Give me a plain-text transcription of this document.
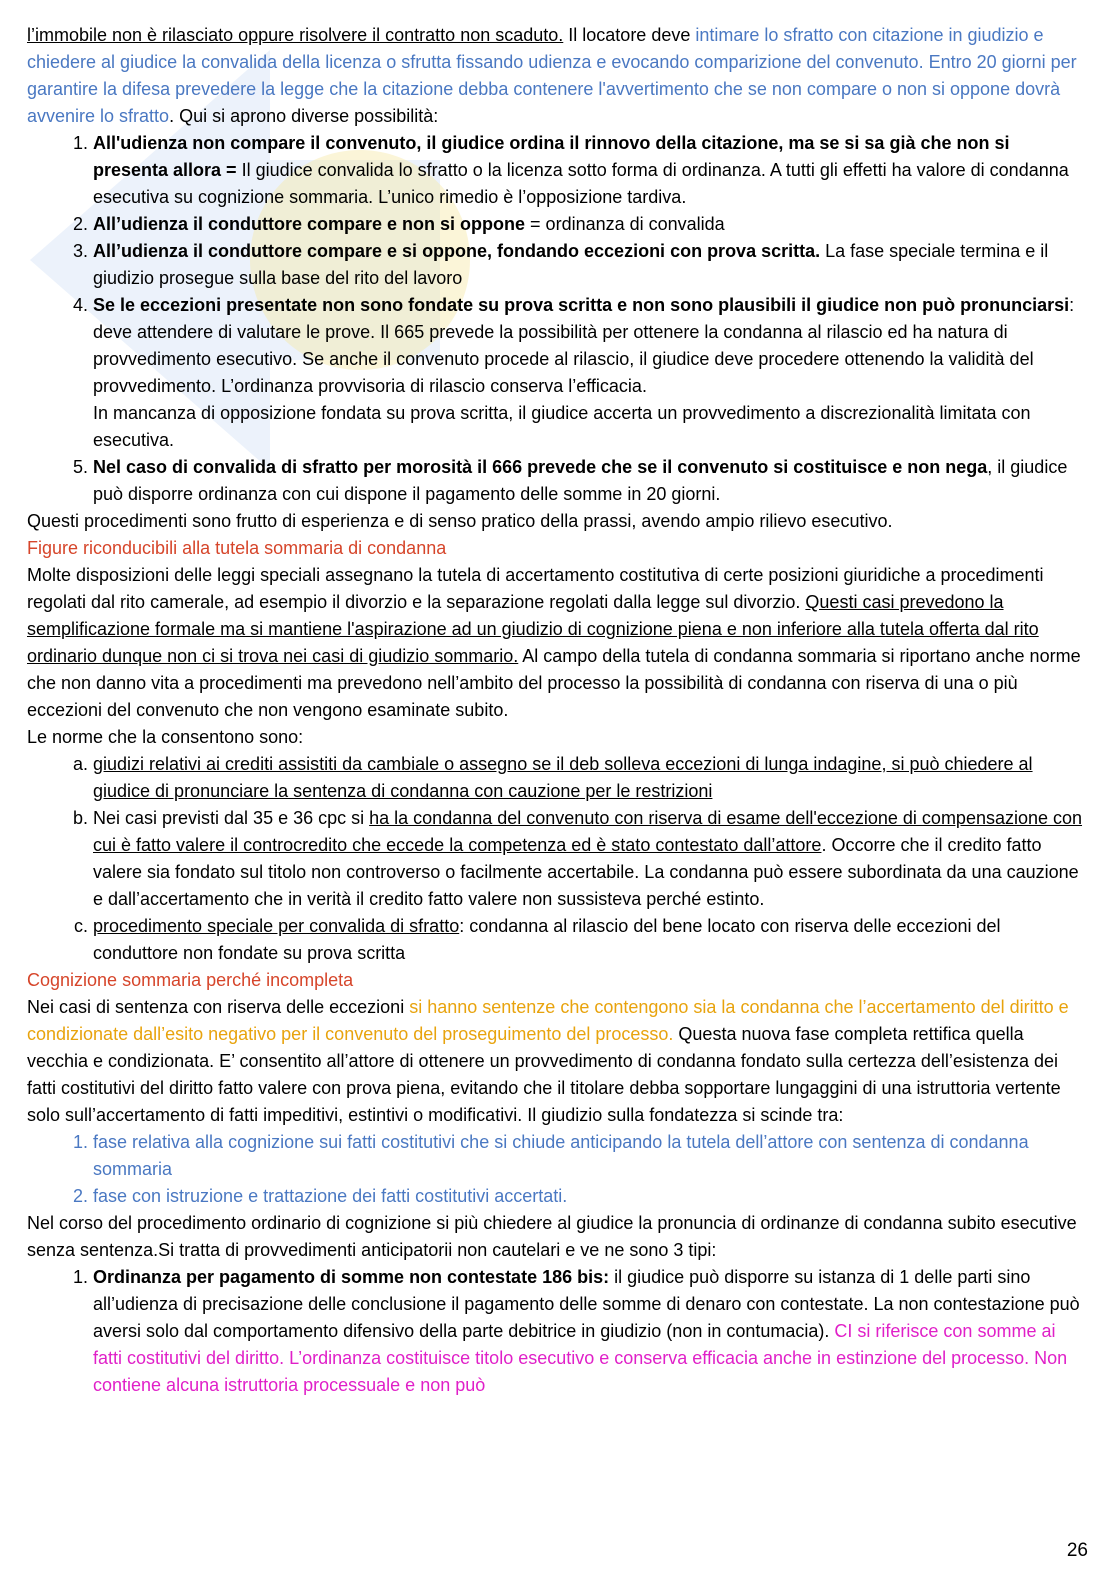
l’immobile non è rilasciato oppure risolvere il contratto non scaduto. Il locatore deve intimare lo sfratto con citazione in giudizio e chiedere al giudice la convalida della licenza o sfrutta fissando udienza e evocando comparizione del convenuto. Entro 20 giorni per garantire la difesa prevedere la legge che la citazione debba contenere l'avvertimento che se non compare o non si oppone dovrà avvenire lo sfratto. Qui si aprono diverse possibilità:

1. All'udienza non compare il convenuto, il giudice ordina il rinnovo della citazione, ma se si sa già che non si presenta allora = Il giudice convalida lo sfratto o la licenza sotto forma di ordinanza. A tutti gli effetti ha valore di condanna esecutiva su cognizione sommaria. L’unico rimedio è l’opposizione tardiva.
2. All’udienza il conduttore compare e non si oppone = ordinanza di convalida
3. All’udienza il conduttore compare e si oppone, fondando eccezioni con prova scritta. La fase speciale termina e il giudizio prosegue sulla base del rito del lavoro
4. Se le eccezioni presentate non sono fondate su prova scritta e non sono plausibili il giudice non può pronunciarsi: deve attendere di valutare le prove. Il 665 prevede la possibilità per ottenere la condanna al rilascio ed ha natura di provvedimento esecutivo. Se anche il convenuto procede al rilascio, il giudice deve procedere ottenendo la validità del provvedimento. L’ordinanza provvisoria di rilascio conserva l’efficacia.
In mancanza di opposizione fondata su prova scritta, il giudice accerta un provvedimento a discrezionalità limitata con esecutiva.
5. Nel caso di convalida di sfratto per morosità il 666 prevede che se il convenuto si costituisce e non nega, il giudice può disporre ordinanza con cui dispone il pagamento delle somme in 20 giorni.

Questi procedimenti sono frutto di esperienza e di senso pratico della prassi, avendo ampio rilievo esecutivo.

Figure riconducibili alla tutela sommaria di condanna

Molte disposizioni delle leggi speciali assegnano la tutela di accertamento costitutiva di certe posizioni giuridiche a procedimenti regolati dal rito camerale, ad esempio il divorzio e la separazione regolati dalla legge sul divorzio. Questi casi prevedono la semplificazione formale ma si mantiene l'aspirazione ad un giudizio di cognizione piena e non inferiore alla tutela offerta dal rito ordinario dunque non ci si trova nei casi di giudizio sommario. Al campo della tutela di condanna sommaria si riportano anche norme che non danno vita a procedimenti ma prevedono nell’ambito del processo la possibilità di condanna con riserva di una o più eccezioni del convenuto che non vengono esaminate subito.

Le norme che la consentono sono:

a. giudizi relativi ai crediti assistiti da cambiale o assegno se il deb solleva eccezioni di lunga indagine, si può chiedere al giudice di pronunciare la sentenza di condanna con cauzione per le restrizioni
b. Nei casi previsti dal 35 e 36 cpc si ha la condanna del convenuto con riserva di esame dell'eccezione di compensazione con cui è fatto valere il controcredito che eccede la competenza ed è stato contestato dall’attore. Occorre che il credito fatto valere sia fondato sul titolo non controverso o facilmente accertabile. La condanna può essere subordinata da una cauzione e dall’accertamento che in verità il credito fatto valere non sussisteva perché estinto.
c. procedimento speciale per convalida di sfratto: condanna al rilascio del bene locato con riserva delle eccezioni del conduttore non fondate su prova scritta

Cognizione sommaria perché incompleta

Nei casi di sentenza con riserva delle eccezioni si hanno sentenze che contengono sia la condanna che l’accertamento del diritto e condizionate dall’esito negativo per il convenuto del proseguimento del processo. Questa nuova fase completa rettifica quella vecchia e condizionata. E’ consentito all’attore di ottenere un provvedimento di condanna fondato sulla certezza dell’esistenza dei fatti costitutivi del diritto fatto valere con prova piena, evitando che il titolare debba sopportare lungaggini di una istruttoria vertente solo sull’accertamento di fatti impeditivi, estintivi o modificativi. Il giudizio sulla fondatezza si scinde tra:

1. fase relativa alla cognizione sui fatti costitutivi che si chiude anticipando la tutela dell’attore con sentenza di condanna sommaria
2. fase con istruzione e trattazione dei fatti costitutivi accertati.

Nel corso del procedimento ordinario di cognizione si più chiedere al giudice la pronuncia di ordinanze di condanna subito esecutive senza sentenza.Si tratta di provvedimenti anticipatorii non cautelari e ve ne sono 3 tipi:

1. Ordinanza per pagamento di somme non contestate 186 bis: il giudice può disporre su istanza di 1 delle parti sino all’udienza di precisazione delle conclusione il pagamento delle somme di denaro con contestate. La non contestazione può aversi solo dal comportamento difensivo della parte debitrice in giudizio (non in contumacia). CI si riferisce con somme ai fatti costitutivi del diritto. L’ordinanza costituisce titolo esecutivo e conserva efficacia anche in estinzione del processo. Non contiene alcuna istruttoria processuale e non può
26
